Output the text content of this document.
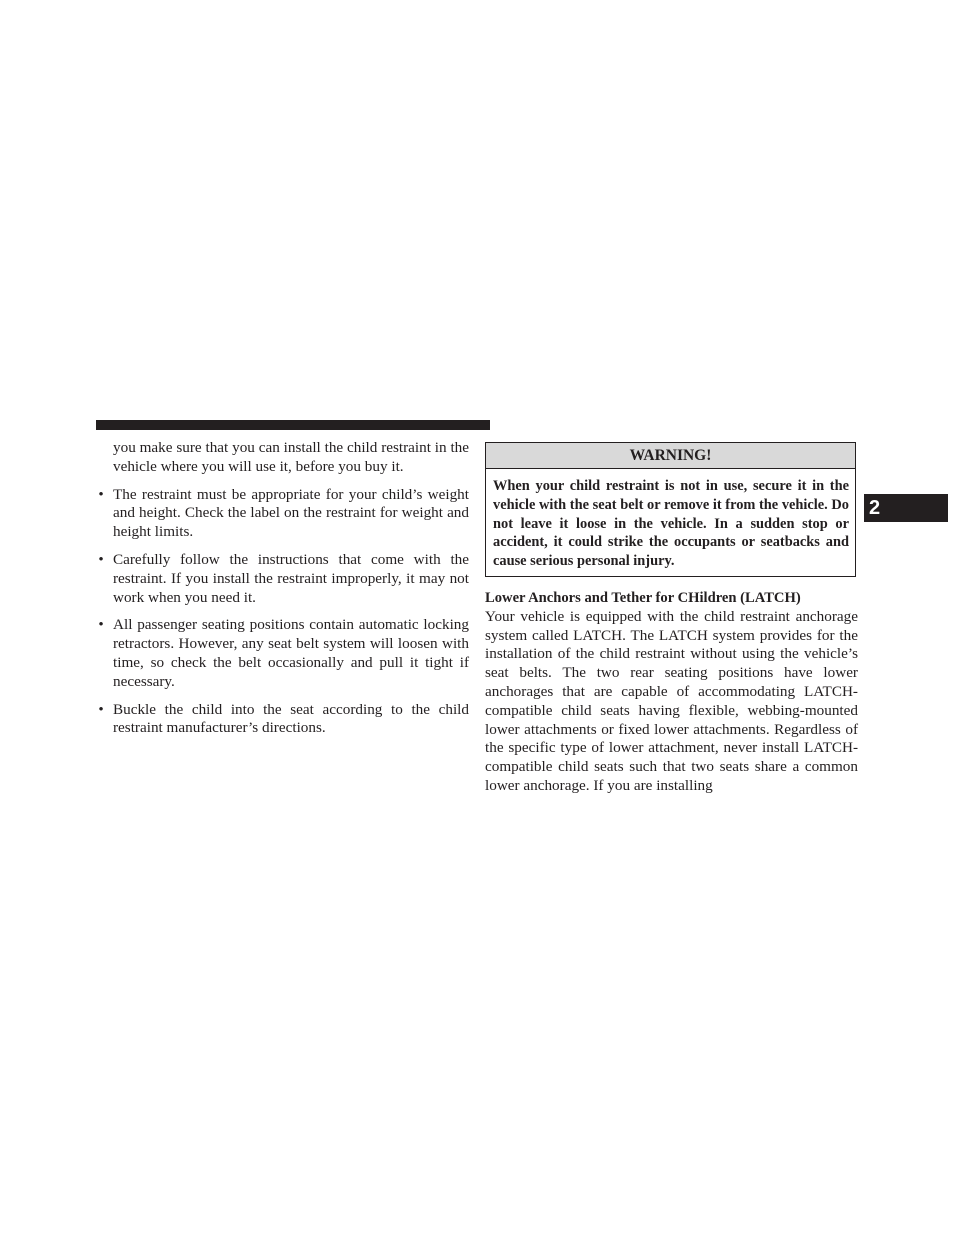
you make sure that you can install the child restraint in the vehicle where you will use it, before you buy it.

• The restraint must be appropriate for your child’s weight and height. Check the label on the restraint for weight and height limits.
• Carefully follow the instructions that come with the restraint. If you install the restraint improperly, it may not work when you need it.
• All passenger seating positions contain automatic locking retractors. However, any seat belt system will loosen with time, so check the belt occasionally and pull it tight if necessary.
• Buckle the child into the seat according to the child restraint manufacturer’s directions.
WARNING!
When your child restraint is not in use, secure it in the vehicle with the seat belt or remove it from the vehicle. Do not leave it loose in the vehicle. In a sudden stop or accident, it could strike the occupants or seatbacks and cause serious personal injury.

Lower Anchors and Tether for CHildren (LATCH)

Your vehicle is equipped with the child restraint anchorage system called LATCH. The LATCH system provides for the installation of the child restraint without using the vehicle’s seat belts. The two rear seating positions have lower anchorages that are capable of accommodating LATCH-compatible child seats having flexible, webbing-mounted lower attachments or fixed lower attachments. Regardless of the specific type of lower attachment, never install LATCH-compatible child seats such that two seats share a common lower anchorage. If you are installing

2
